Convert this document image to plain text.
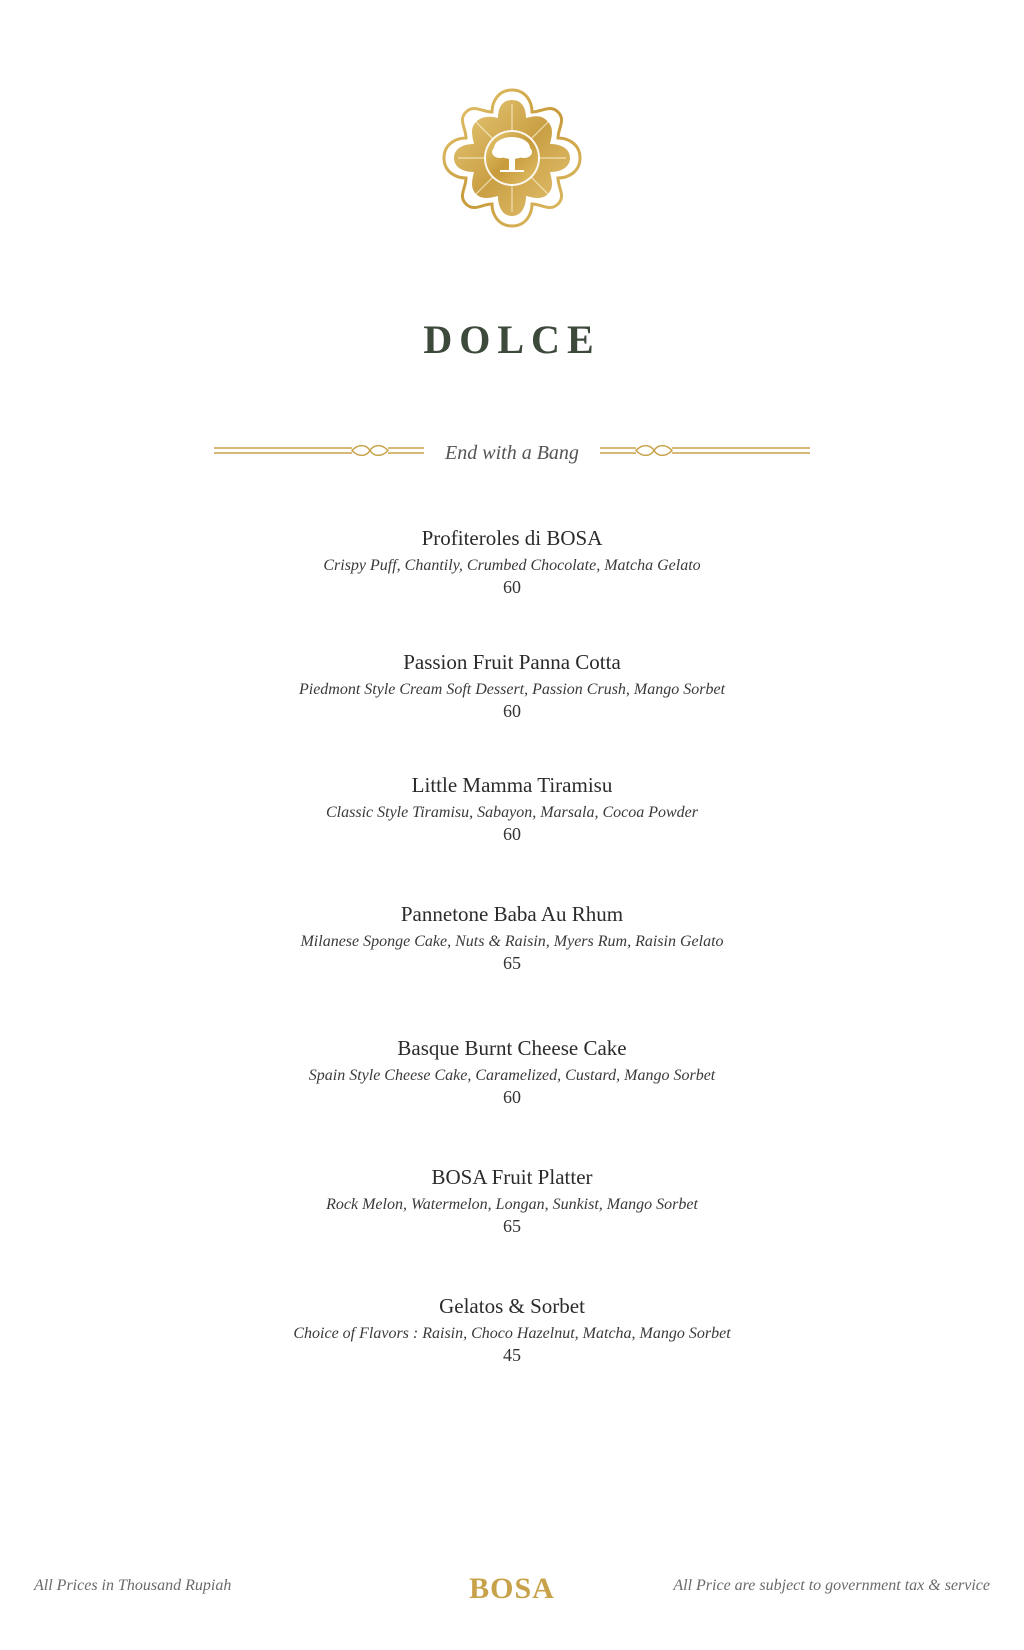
DOLCE
End with a Bang
Profiteroles di BOSA
Crispy Puff, Chantily, Crumbed Chocolate, Matcha Gelato
60
Passion Fruit Panna Cotta
Piedmont Style Cream Soft Dessert, Passion Crush, Mango Sorbet
60
Little Mamma Tiramisu
Classic Style Tiramisu, Sabayon, Marsala, Cocoa Powder
60
Pannetone Baba Au Rhum
Milanese Sponge Cake, Nuts & Raisin, Myers Rum, Raisin Gelato
65
Basque Burnt Cheese Cake
Spain Style Cheese Cake, Caramelized, Custard, Mango Sorbet
60
BOSA Fruit Platter
Rock Melon, Watermelon, Longan, Sunkist, Mango Sorbet
65
Gelatos & Sorbet
Choice of Flavors : Raisin, Choco Hazelnut, Matcha, Mango Sorbet
45
All Prices in Thousand Rupiah	BOSA	All Price are subject to government tax & service
